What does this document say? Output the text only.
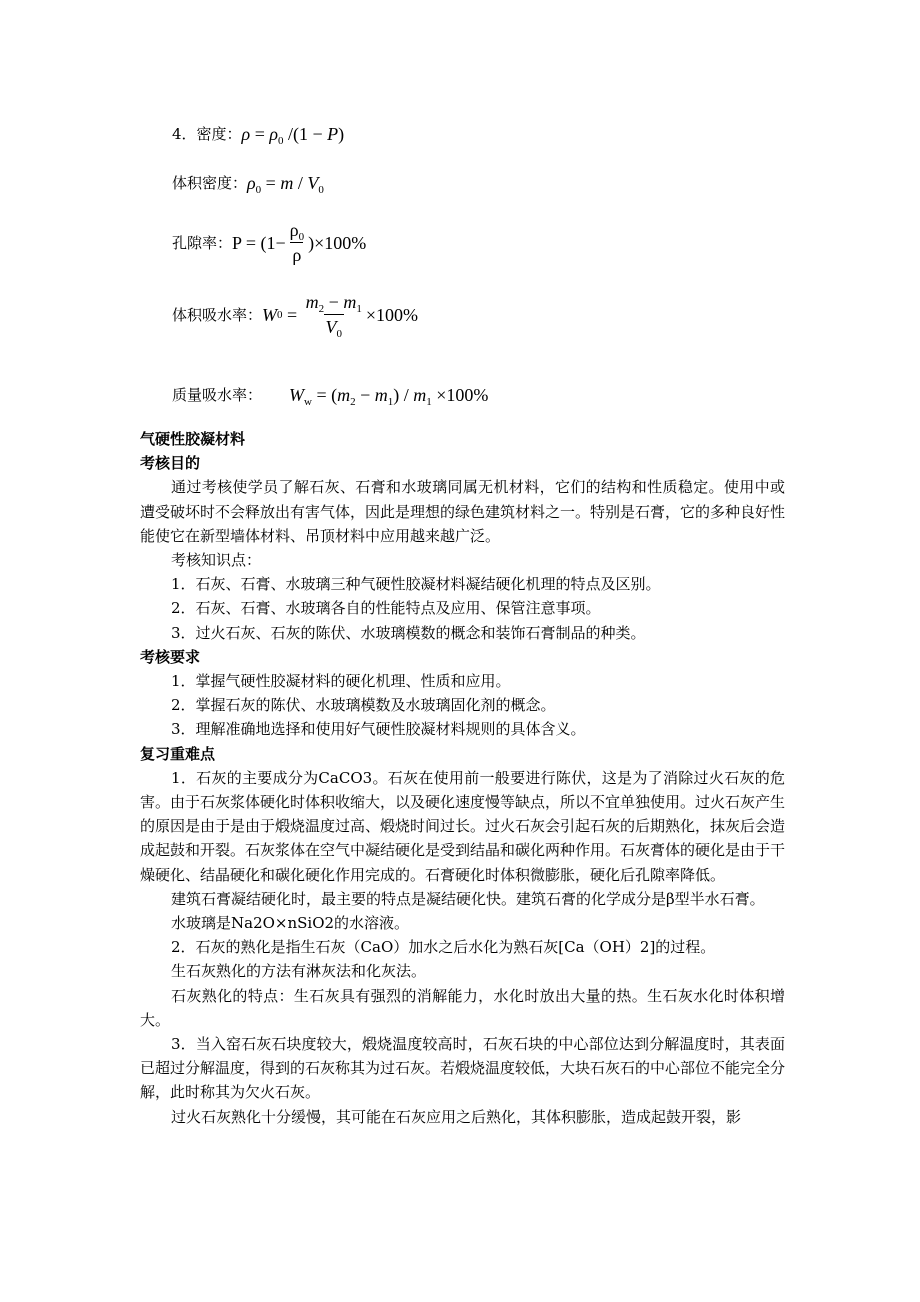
4．密度： $\rho = \rho_0$ /(1 − P)
体积密度： $\rho_0 = m / V_0$
孔隙率： $P = (1- \frac{\rho_0}{\rho} )\times 100\%$
体积吸水率： W $0 = \frac{m_2 - m_1}{V_0} \times 100\%$
质量吸水率：	$W_w = (m_2 - m_1) / m_1 \times 100\%$

气硬性胶凝材料
考核目的

通过考核使学员了解石灰、石膏和水玻璃同属无机材料，它们的结构和性质稳定。使用中或遭受破坏时不会释放出有害气体，因此是理想的绿色建筑材料之一。特别是石膏，它的多种良好性能使它在新型墙体材料、吊顶材料中应用越来越广泛。

考核知识点：

1．石灰、石膏、水玻璃三种气硬性胶凝材料凝结硬化机理的特点及区别。

2．石灰、石膏、水玻璃各自的性能特点及应用、保管注意事项。

3．过火石灰、石灰的陈伏、水玻璃模数的概念和装饰石膏制品的种类。

考核要求

1．掌握气硬性胶凝材料的硬化机理、性质和应用。

2．掌握石灰的陈伏、水玻璃模数及水玻璃固化剂的概念。

3．理解准确地选择和使用好气硬性胶凝材料规则的具体含义。

复习重难点

1．石灰的主要成分为CaCO3。石灰在使用前一般要进行陈伏，这是为了消除过火石灰的危害。由于石灰浆体硬化时体积收缩大，以及硬化速度慢等缺点，所以不宜单独使用。过火石灰产生的原因是由于是由于煅烧温度过高、煅烧时间过长。过火石灰会引起石灰的后期熟化，抹灰后会造成起鼓和开裂。石灰浆体在空气中凝结硬化是受到结晶和碳化两种作用。石灰膏体的硬化是由于干燥硬化、结晶硬化和碳化硬化作用完成的。石膏硬化时体积微膨胀，硬化后孔隙率降低。

建筑石膏凝结硬化时，最主要的特点是凝结硬化快。建筑石膏的化学成分是β型半水石膏。

水玻璃是Na2O×nSiO2的水溶液。

2．石灰的熟化是指生石灰（CaO）加水之后水化为熟石灰[Ca（OH）2]的过程。

生石灰熟化的方法有淋灰法和化灰法。

石灰熟化的特点：生石灰具有强烈的消解能力，水化时放出大量的热。生石灰水化时体积增大。

3．当入窑石灰石块度较大，煅烧温度较高时，石灰石块的中心部位达到分解温度时，其表面已超过分解温度，得到的石灰称其为过石灰。若煅烧温度较低，大块石灰石的中心部位不能完全分解，此时称其为欠火石灰。

过火石灰熟化十分缓慢，其可能在石灰应用之后熟化，其体积膨胀，造成起鼓开裂，影
